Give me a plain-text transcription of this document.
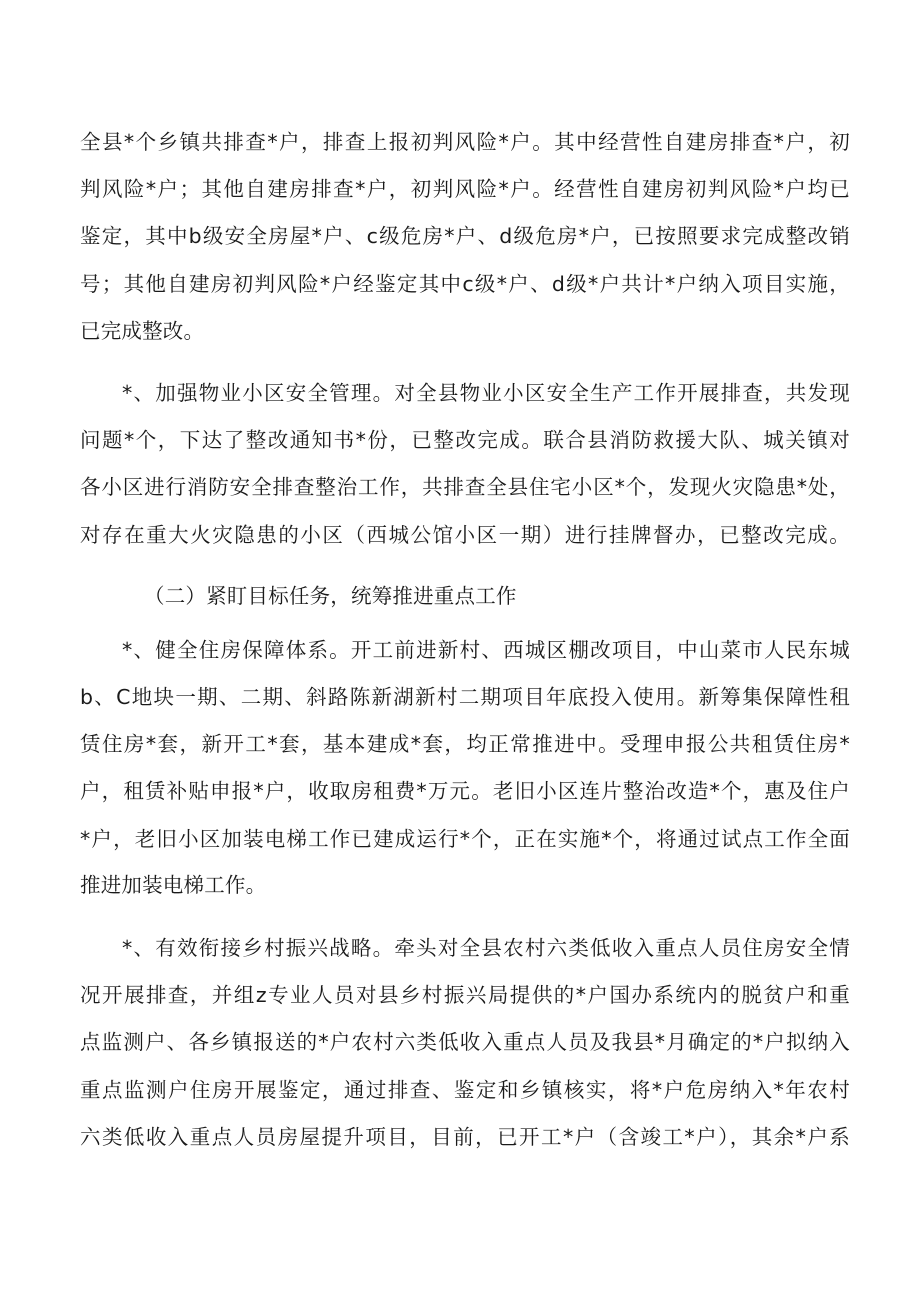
全县*个乡镇共排查*户，排查上报初判风险*户。其中经营性自建房排查*户，初
判风险*户；其他自建房排查*户，初判风险*户。经营性自建房初判风险*户均已
鉴定，其中b级安全房屋*户、c级危房*户、d级危房*户，已按照要求完成整改销
号；其他自建房初判风险*户经鉴定其中c级*户、d级*户共计*户纳入项目实施，
已完成整改。
*、加强物业小区安全管理。对全县物业小区安全生产工作开展排查，共发现
问题*个，下达了整改通知书*份，已整改完成。联合县消防救援大队、城关镇对
各小区进行消防安全排查整治工作，共排查全县住宅小区*个，发现火灾隐患*处，
对存在重大火灾隐患的小区（西城公馆小区一期）进行挂牌督办，已整改完成。
（二）紧盯目标任务，统筹推进重点工作
*、健全住房保障体系。开工前进新村、西城区棚改项目，中山菜市人民东城
b、C地块一期、二期、斜路陈新湖新村二期项目年底投入使用。新筹集保障性租
赁住房*套，新开工*套，基本建成*套，均正常推进中。受理申报公共租赁住房*
户，租赁补贴申报*户，收取房租费*万元。老旧小区连片整治改造*个，惠及住户
*户，老旧小区加装电梯工作已建成运行*个，正在实施*个，将通过试点工作全面
推进加装电梯工作。
*、有效衔接乡村振兴战略。牵头对全县农村六类低收入重点人员住房安全情
况开展排查，并组z专业人员对县乡村振兴局提供的*户国办系统内的脱贫户和重
点监测户、各乡镇报送的*户农村六类低收入重点人员及我县*月确定的*户拟纳入
重点监测户住房开展鉴定，通过排查、鉴定和乡镇核实，将*户危房纳入*年农村
六类低收入重点人员房屋提升项目，目前，已开工*户（含竣工*户），其余*户系
